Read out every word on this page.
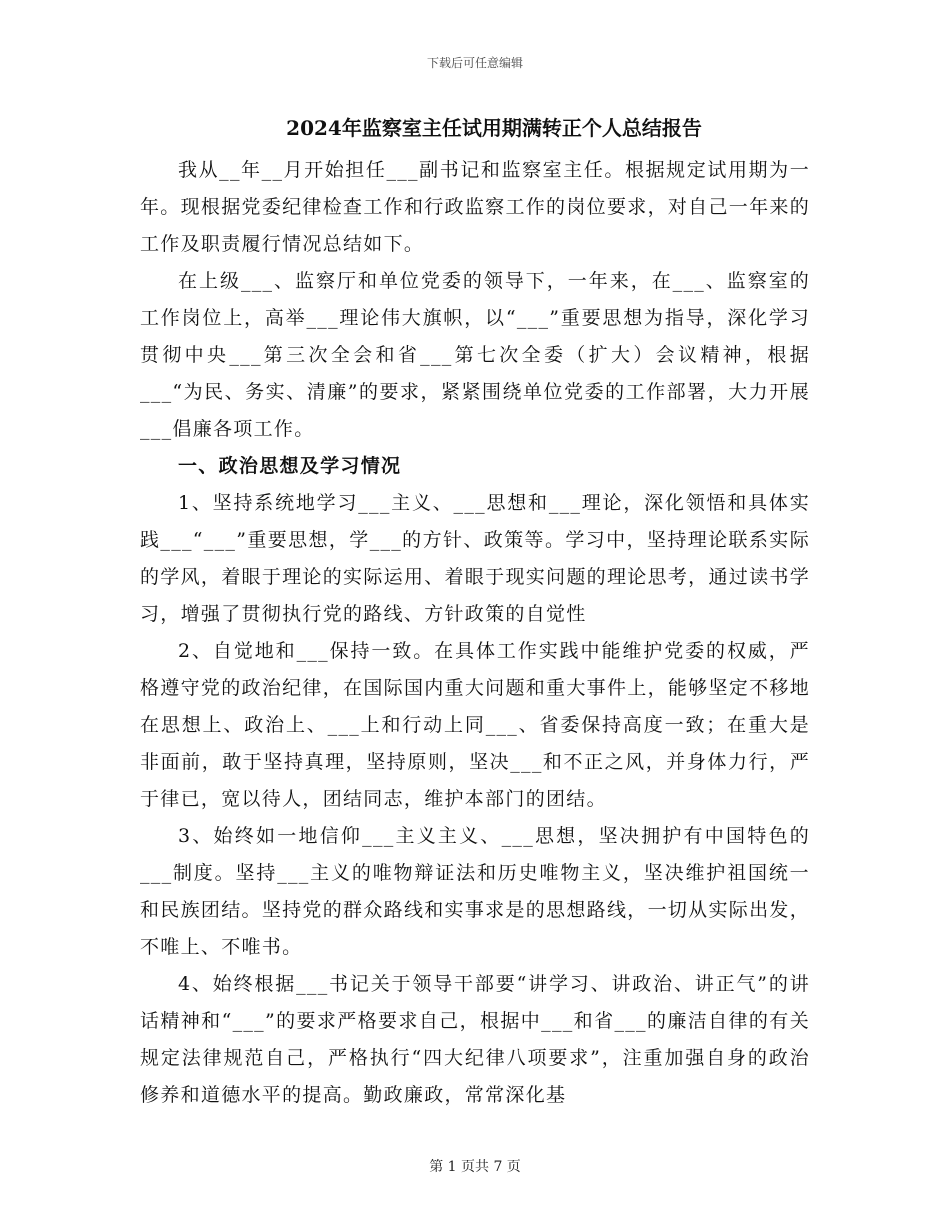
下载后可任意编辑
2024年监察室主任试用期满转正个人总结报告

我从__年__月开始担任___副书记和监察室主任。根据规定试用期为一年。现根据党委纪律检查工作和行政监察工作的岗位要求，对自己一年来的工作及职责履行情况总结如下。

在上级___、监察厅和单位党委的领导下，一年来，在___、监察室的工作岗位上，高举___理论伟大旗帜，以“___”重要思想为指导，深化学习贯彻中央___第三次全会和省___第七次全委（扩大）会议精神，根据___“为民、务实、清廉”的要求，紧紧围绕单位党委的工作部署，大力开展___倡廉各项工作。

一、政治思想及学习情况

1、坚持系统地学习___主义、___思想和___理论，深化领悟和具体实践___“___”重要思想，学___的方针、政策等。学习中，坚持理论联系实际的学风，着眼于理论的实际运用、着眼于现实问题的理论思考，通过读书学习，增强了贯彻执行党的路线、方针政策的自觉性

2、自觉地和___保持一致。在具体工作实践中能维护党委的权威，严格遵守党的政治纪律，在国际国内重大问题和重大事件上，能够坚定不移地在思想上、政治上、___上和行动上同___、省委保持高度一致；在重大是非面前，敢于坚持真理，坚持原则，坚决___和不正之风，并身体力行，严于律已，宽以待人，团结同志，维护本部门的团结。

3、始终如一地信仰___主义主义、___思想，坚决拥护有中国特色的___制度。坚持___主义的唯物辩证法和历史唯物主义，坚决维护祖国统一和民族团结。坚持党的群众路线和实事求是的思想路线，一切从实际出发，不唯上、不唯书。

4、始终根据___书记关于领导干部要“讲学习、讲政治、讲正气”的讲话精神和“___”的要求严格要求自己，根据中___和省___的廉洁自律的有关规定法律规范自己，严格执行“四大纪律八项要求”，注重加强自身的政治修养和道德水平的提高。勤政廉政，常常深化基

第 1 页共 7 页
